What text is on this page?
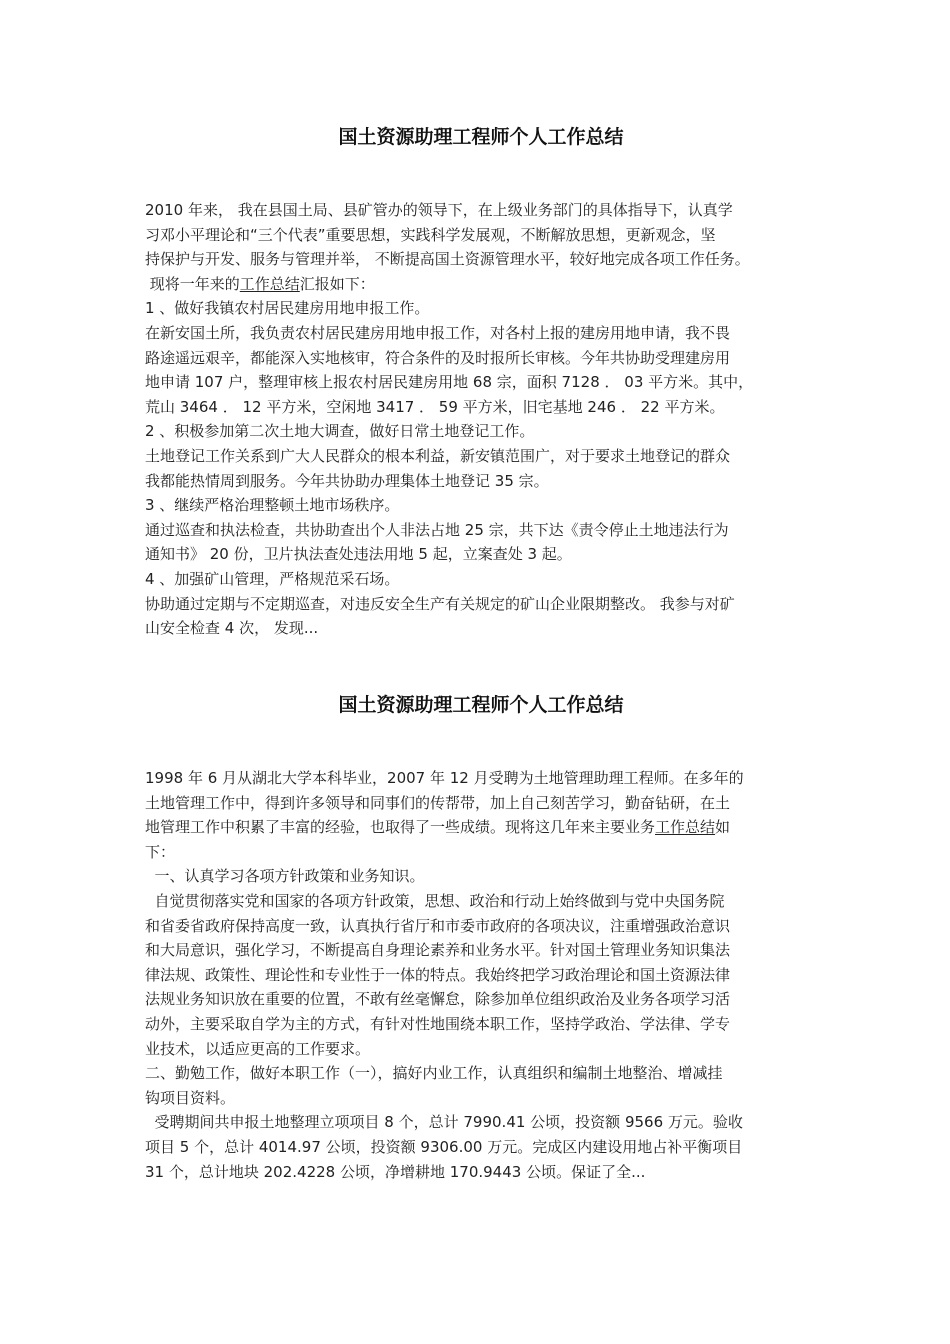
国土资源助理工程师个人工作总结
2010 年来， 我在县国土局、县矿管办的领导下，在上级业务部门的具体指导下，认真学
习邓小平理论和“三个代表”重要思想，实践科学发展观，不断解放思想，更新观念，坚
持保护与开发、服务与管理并举， 不断提高国土资源管理水平，较好地完成各项工作任务。
现将一年来的工作总结汇报如下：
1 、做好我镇农村居民建房用地申报工作。
在新安国土所，我负责农村居民建房用地申报工作，对各村上报的建房用地申请，我不畏
路途遥远艰辛，都能深入实地核审，符合条件的及时报所长审核。今年共协助受理建房用
地申请 107 户，整理审核上报农村居民建房用地 68 宗，面积 7128 ． 03 平方米。其中，
荒山 3464 ． 12 平方米，空闲地 3417 ． 59 平方米，旧宅基地 246 ． 22 平方米。
2 、积极参加第二次土地大调查，做好日常土地登记工作。
土地登记工作关系到广大人民群众的根本利益，新安镇范围广，对于要求土地登记的群众
我都能热情周到服务。今年共协助办理集体土地登记 35 宗。
3 、继续严格治理整顿土地市场秩序。
通过巡查和执法检查，共协助查出个人非法占地 25 宗，共下达《责令停止土地违法行为
通知书》 20 份，卫片执法查处违法用地 5 起，立案查处 3 起。
4 、加强矿山管理，严格规范采石场。
协助通过定期与不定期巡查，对违反安全生产有关规定的矿山企业限期整改。 我参与对矿
山安全检查 4 次， 发现...
国土资源助理工程师个人工作总结
1998 年 6 月从湖北大学本科毕业，2007 年 12 月受聘为土地管理助理工程师。在多年的
土地管理工作中，得到许多领导和同事们的传帮带，加上自己刻苦学习，勤奋钻研，在土
地管理工作中积累了丰富的经验，也取得了一些成绩。现将这几年来主要业务工作总结如
下：
一、认真学习各项方针政策和业务知识。
自觉贯彻落实党和国家的各项方针政策，思想、政治和行动上始终做到与党中央国务院
和省委省政府保持高度一致，认真执行省厅和市委市政府的各项决议，注重增强政治意识
和大局意识，强化学习，不断提高自身理论素养和业务水平。针对国土管理业务知识集法
律法规、政策性、理论性和专业性于一体的特点。我始终把学习政治理论和国土资源法律
法规业务知识放在重要的位置，不敢有丝毫懈怠，除参加单位组织政治及业务各项学习活
动外，主要采取自学为主的方式，有针对性地围绕本职工作，坚持学政治、学法律、学专
业技术，以适应更高的工作要求。
二、勤勉工作，做好本职工作（一），搞好内业工作，认真组织和编制土地整治、增减挂
钩项目资料。
受聘期间共申报土地整理立项项目 8 个，总计 7990.41 公顷，投资额 9566 万元。验收
项目 5 个，总计 4014.97 公顷，投资额 9306.00 万元。完成区内建设用地占补平衡项目
31 个，总计地块 202.4228 公顷，净增耕地 170.9443 公顷。保证了全...
